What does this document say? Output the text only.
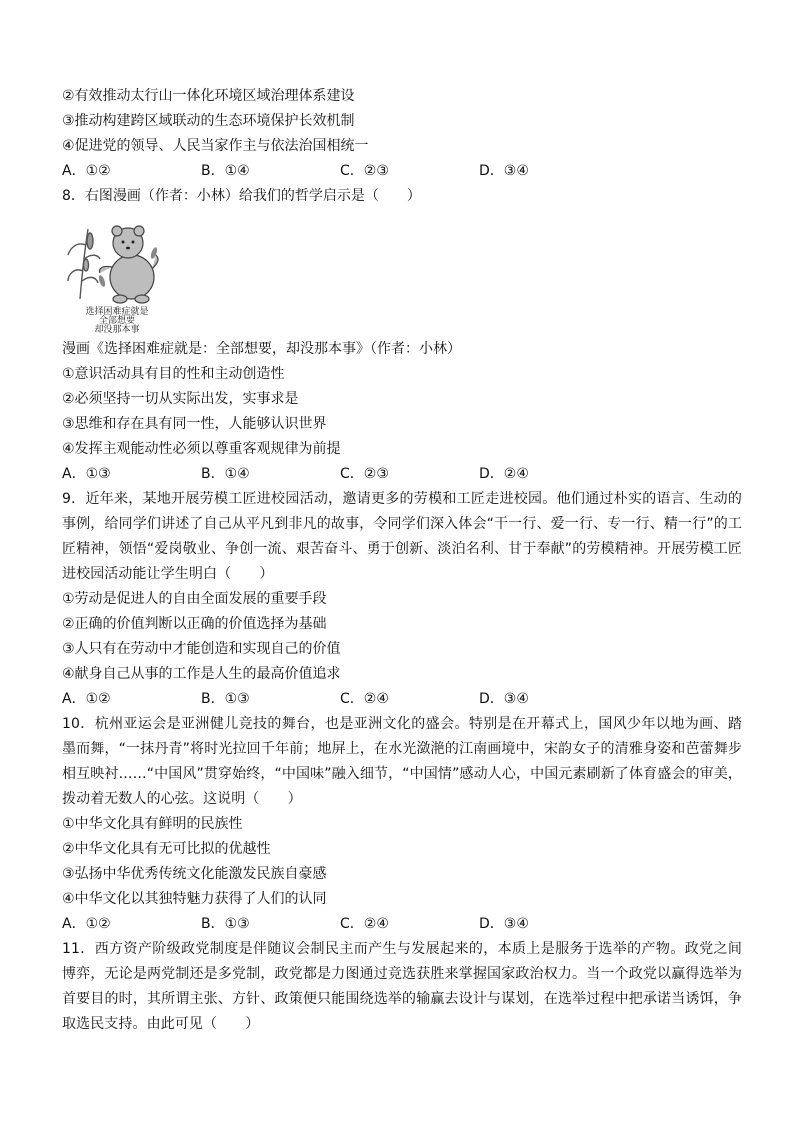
②有效推动太行山一体化环境区域治理体系建设
③推动构建跨区域联动的生态环境保护长效机制
④促进党的领导、人民当家作主与依法治国相统一
A．①②	B．①④	C．②③	D．③④
8．右图漫画（作者：小林）给我们的哲学启示是（　　）
选择困难症就是
全部想要
却没那本事
漫画《选择困难症就是：全部想要，却没那本事》（作者：小林）
①意识活动具有目的性和主动创造性
②必须坚持一切从实际出发，实事求是
③思维和存在具有同一性，人能够认识世界
④发挥主观能动性必须以尊重客观规律为前提
A．①③	B．①④	C．②③	D．②④
9．近年来，某地开展劳模工匠进校园活动，邀请更多的劳模和工匠走进校园。他们通过朴实的语言、生动的事例，给同学们讲述了自己从平凡到非凡的故事，令同学们深入体会“干一行、爱一行、专一行、精一行”的工匠精神，领悟“爱岗敬业、争创一流、艰苦奋斗、勇于创新、淡泊名利、甘于奉献”的劳模精神。开展劳模工匠进校园活动能让学生明白（　　）
①劳动是促进人的自由全面发展的重要手段
②正确的价值判断以正确的价值选择为基础
③人只有在劳动中才能创造和实现自己的价值
④献身自己从事的工作是人生的最高价值追求
A．①②	B．①③	C．②④	D．③④
10．杭州亚运会是亚洲健儿竞技的舞台，也是亚洲文化的盛会。特别是在开幕式上，国风少年以地为画、踏墨而舞，“一抹丹青”将时光拉回千年前；地屏上，在水光潋滟的江南画境中，宋韵女子的清雅身姿和芭蕾舞步相互映衬……“中国风”贯穿始终，“中国味”融入细节，“中国情”感动人心，中国元素刷新了体育盛会的审美，拨动着无数人的心弦。这说明（　　）
①中华文化具有鲜明的民族性
②中华文化具有无可比拟的优越性
③弘扬中华优秀传统文化能激发民族自豪感
④中华文化以其独特魅力获得了人们的认同
A．①②	B．①③	C．②④	D．③④
11．西方资产阶级政党制度是伴随议会制民主而产生与发展起来的，本质上是服务于选举的产物。政党之间博弈，无论是两党制还是多党制，政党都是力图通过竞选获胜来掌握国家政治权力。当一个政党以赢得选举为首要目的时，其所谓主张、方针、政策便只能围绕选举的输赢去设计与谋划，在选举过程中把承诺当诱饵，争取选民支持。由此可见（　　）
